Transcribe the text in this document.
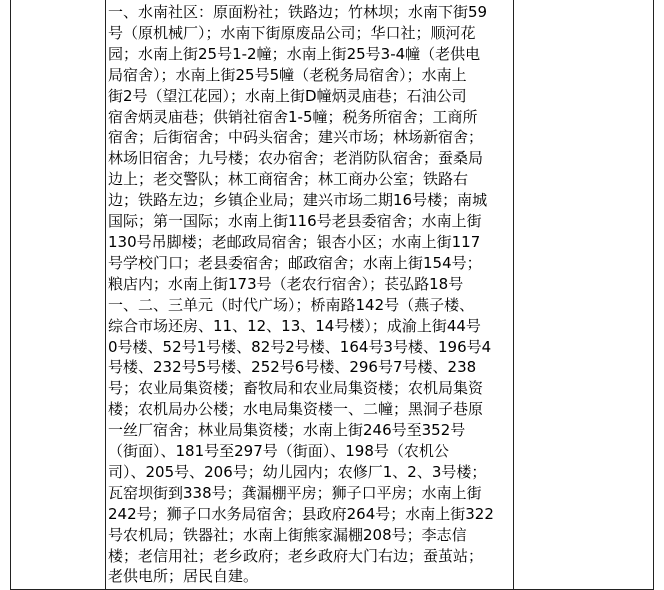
一、水南社区：原面粉社；铁路边；竹林坝；水南下街59
号（原机械厂）；水南下街原废品公司；华口社；顺河花
园；水南上街25号1-2幢；水南上街25号3-4幢（老供电
局宿舍）；水南上街25号5幢（老税务局宿舍）；水南上
街2号（望江花园）；水南上街D幢炳灵庙巷；石油公司
宿舍炳灵庙巷；供销社宿舍1-5幢；税务所宿舍；工商所
宿舍；后街宿舍；中码头宿舍；建兴市场；林场新宿舍；
林场旧宿舍；九号楼；农办宿舍；老消防队宿舍；蚕桑局
边上；老交警队；林工商宿舍；林工商办公室；铁路右
边；铁路左边；乡镇企业局；建兴市场二期16号楼；南城
国际；第一国际；水南上街116号老县委宿舍；水南上街
130号吊脚楼；老邮政局宿舍；银杏小区；水南上街117
号学校门口；老县委宿舍；邮政宿舍；水南上街154号；
粮店内；水南上街173号（老农行宿舍）；苌弘路18号
一、二、三单元（时代广场）；桥南路142号（燕子楼、
综合市场还房、11、12、13、14号楼）；成渝上街44号
0号楼、52号1号楼、82号2号楼、164号3号楼、196号4
号楼、232号5号楼、252号6号楼、296号7号楼、238
号；农业局集资楼；畜牧局和农业局集资楼；农机局集资
楼；农机局办公楼；水电局集资楼一、二幢；黑洞子巷原
一丝厂宿舍；林业局集资楼；水南上街246号至352号
（街面）、181号至297号（街面）、198号（农机公
司）、205号、206号；幼儿园内；农修厂1、2、3号楼；
瓦窑坝街到338号；龚漏棚平房；狮子口平房；水南上街
242号；狮子口水务局宿舍；县政府264号；水南上街322
号农机局；铁器社；水南上街熊家漏棚208号；李志信
楼；老信用社；老乡政府；老乡政府大门右边；蚕茧站；
老供电所；居民自建。
